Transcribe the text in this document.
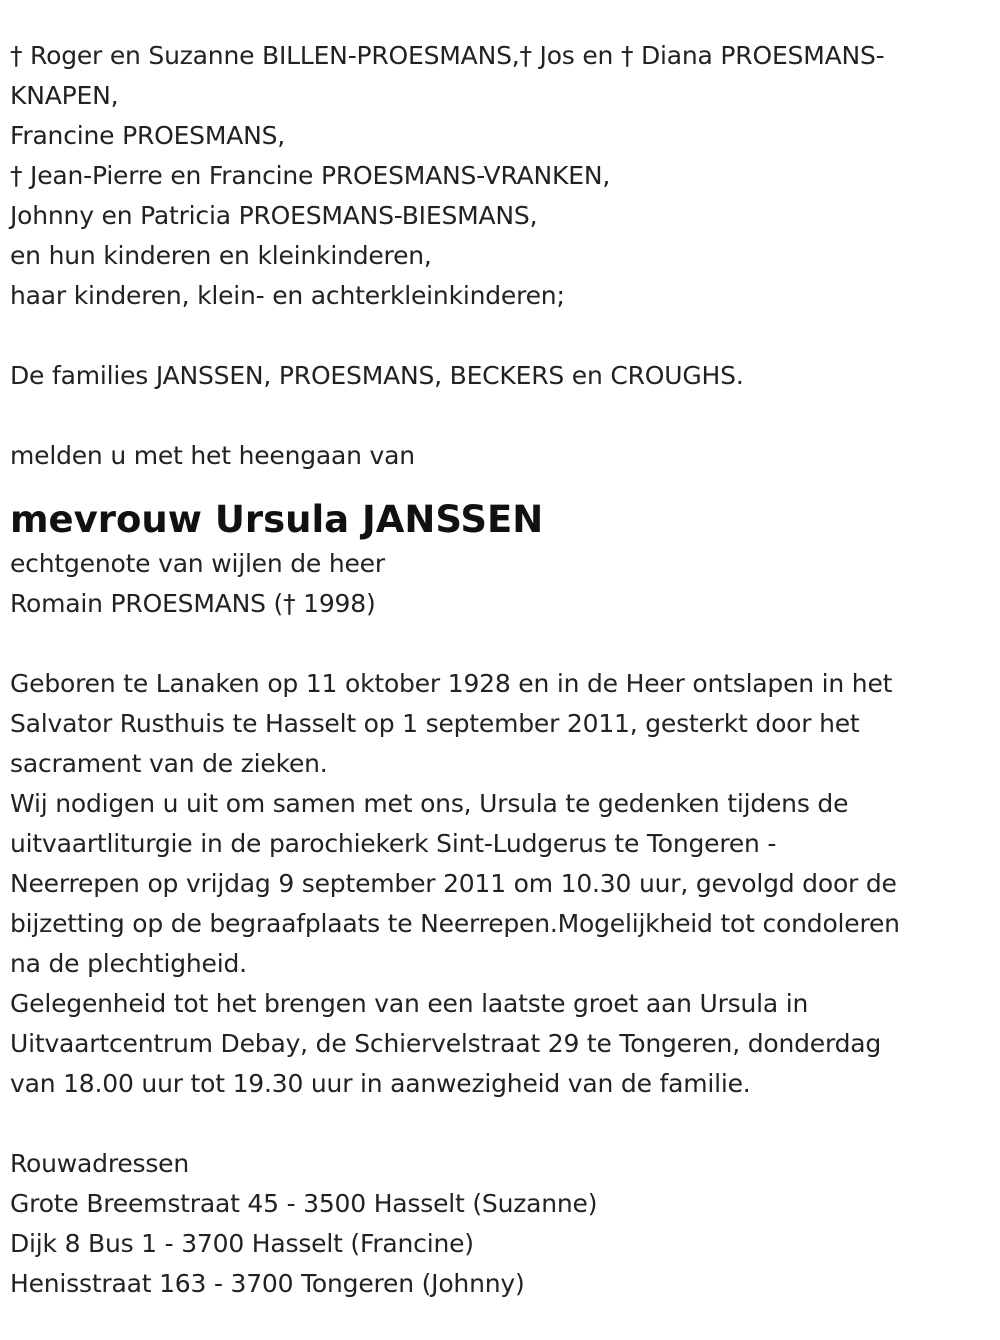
† Roger en Suzanne BILLEN-PROESMANS,† Jos en † Diana PROESMANS-
KNAPEN,
Francine PROESMANS,
† Jean-Pierre en Francine PROESMANS-VRANKEN,
Johnny en Patricia PROESMANS-BIESMANS,
en hun kinderen en kleinkinderen,
haar kinderen, klein- en achterkleinkinderen;
De families JANSSEN, PROESMANS, BECKERS en CROUGHS.
melden u met het heengaan van
mevrouw Ursula JANSSEN
echtgenote van wijlen de heer
Romain PROESMANS († 1998)
Geboren te Lanaken op 11 oktober 1928 en in de Heer ontslapen in het
Salvator Rusthuis te Hasselt op 1 september 2011, gesterkt door het
sacrament van de zieken.
Wij nodigen u uit om samen met ons, Ursula te gedenken tijdens de
uitvaartliturgie in de parochiekerk Sint-Ludgerus te Tongeren -
Neerrepen op vrijdag 9 september 2011 om 10.30 uur, gevolgd door de
bijzetting op de begraafplaats te Neerrepen.Mogelijkheid tot condoleren
na de plechtigheid.
Gelegenheid tot het brengen van een laatste groet aan Ursula in
Uitvaartcentrum Debay, de Schiervelstraat 29 te Tongeren, donderdag
van 18.00 uur tot 19.30 uur in aanwezigheid van de familie.
Rouwadressen
Grote Breemstraat 45 - 3500 Hasselt (Suzanne)
Dijk 8 Bus 1 - 3700 Hasselt (Francine)
Henisstraat 163 - 3700 Tongeren (Johnny)
